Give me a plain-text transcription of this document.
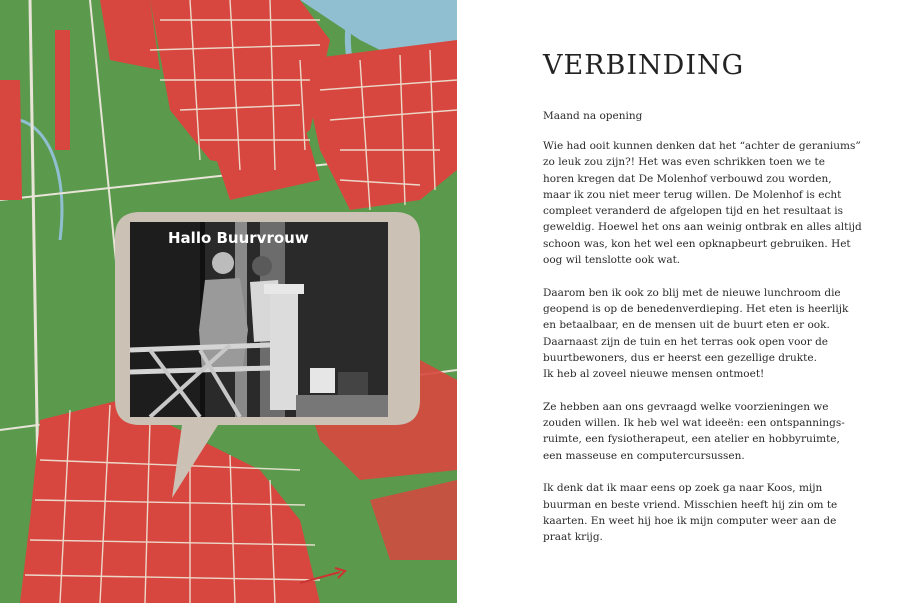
Hallo Buurvrouw
VERBINDING

Maand na opening

Wie had ooit kunnen denken dat het “achter de geraniums”
zo leuk zou zijn?! Het was even schrikken toen we te
horen kregen dat De Molenhof verbouwd zou worden,
maar ik zou niet meer terug willen. De Molenhof is echt
compleet veranderd de afgelopen tijd en het resultaat is
geweldig. Hoewel het ons aan weinig ontbrak en alles altijd
schoon was, kon het wel een opknapbeurt gebruiken. Het
oog wil tenslotte ook wat.

Daarom ben ik ook zo blij met de nieuwe lunchroom die
geopend is op de benedenverdieping. Het eten is heerlijk
en betaalbaar, en de mensen uit de buurt eten er ook.
Daarnaast zijn de tuin en het terras ook open voor de
buurtbewoners, dus er heerst een gezellige drukte.
Ik heb al zoveel nieuwe mensen ontmoet!

Ze hebben aan ons gevraagd welke voorzieningen we
zouden willen. Ik heb wel wat ideeën: een ontspannings-
ruimte, een fysiotherapeut, een atelier en hobbyruimte,
een masseuse en computercursussen.

Ik denk dat ik maar eens op zoek ga naar Koos, mijn
buurman en beste vriend. Misschien heeft hij zin om te
kaarten. En weet hij hoe ik mijn computer weer aan de
praat krijg.
